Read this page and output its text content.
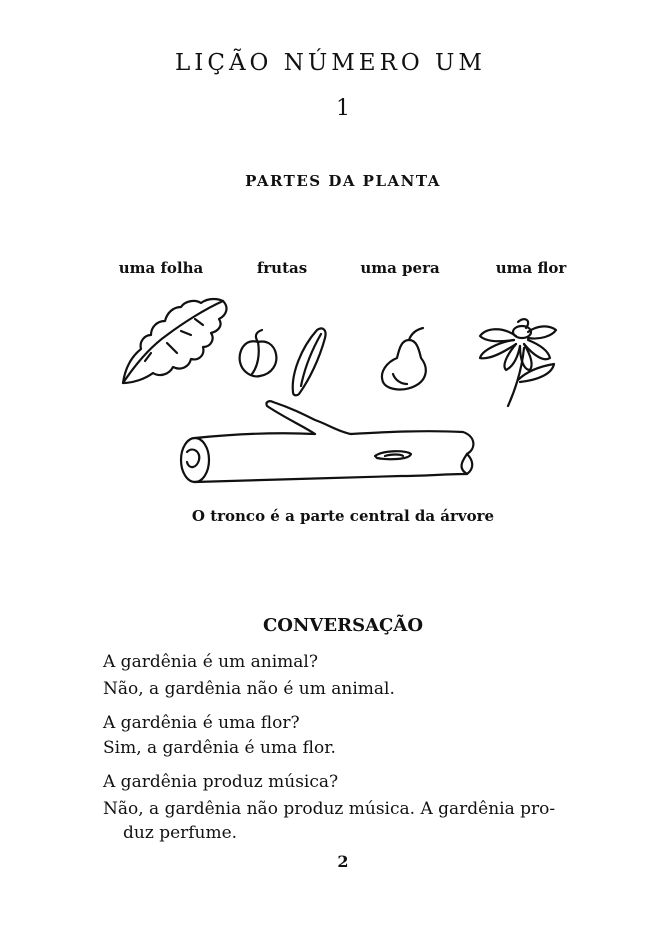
LIÇÃO NÚMERO UM
1
PARTES DA PLANTA
uma folha	frutas	uma pera	uma flor
O tronco é a parte central da árvore
CONVERSAÇÃO
A gardênia é um animal?
Não, a gardênia não é um animal.
A gardênia é uma flor?
Sim, a gardênia é uma flor.
A gardênia produz música?
Não, a gardênia não produz música. A gardênia pro-
duz perfume.
2
